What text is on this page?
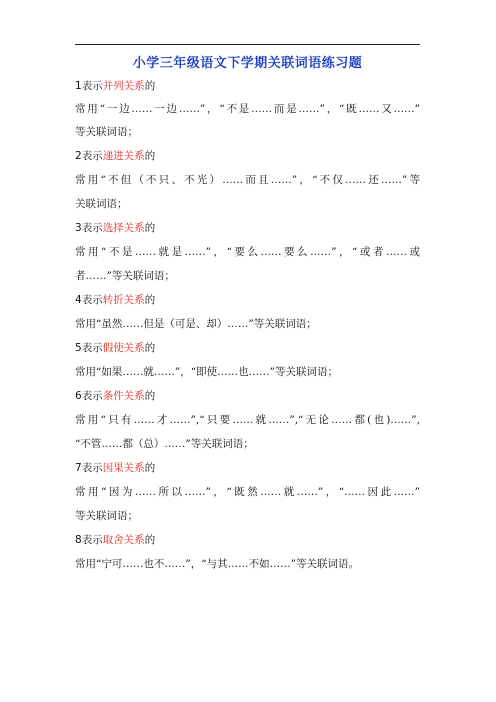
小学三年级语文下学期关联词语练习题
1表示并列关系的
常用“一边……一边……”，“不是……而是……”，“既……又……”
等关联词语；
2表示递进关系的
常用“不但（不只、不光）……而且……”，“不仅……还……”等
关联词语；
3表示选择关系的
常用“不是……就是……”，“要么……要么……”，“或者……或
者……”等关联词语；
4表示转折关系的
常用“虽然……但是（可是、却）……”等关联词语；
5表示假使关系的
常用“如果……就……”，“即使……也……”等关联词语；
6表示条件关系的
常用“只有……才……”,“只要……就……”,“无论……都(也)……”,
“不管……都（总）……”等关联词语；
7表示因果关系的
常用“因为……所以……”，“既然……就……”，“……因此……”
等关联词语；
8表示取舍关系的
常用“宁可……也不……”，“与其……不如……”等关联词语。
